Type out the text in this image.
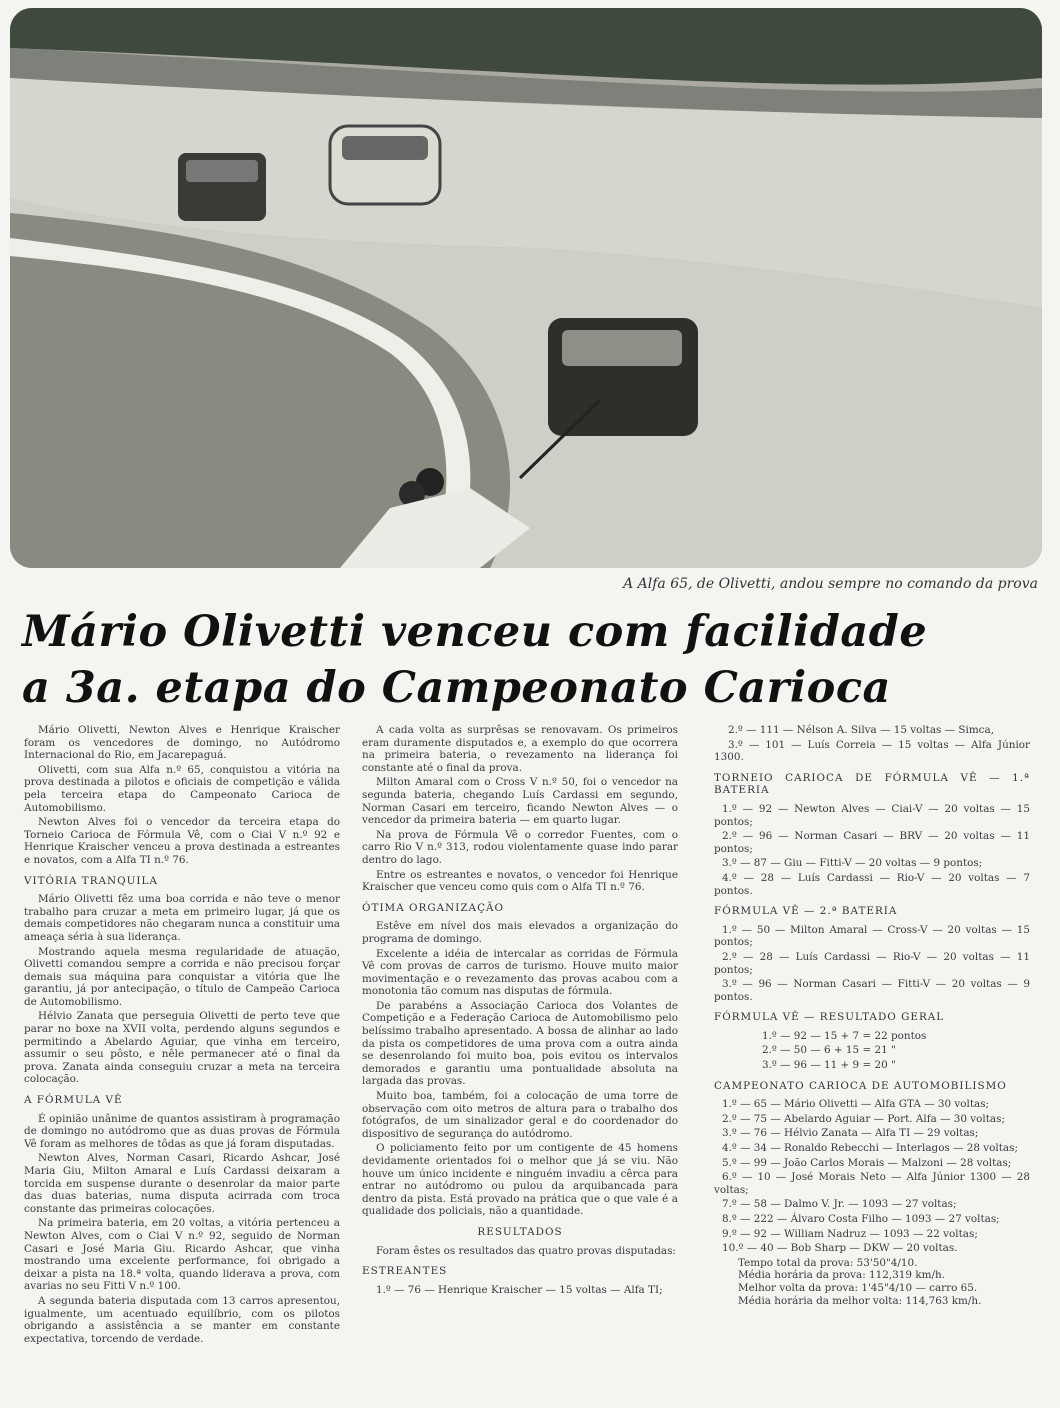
A Alfa 65, de Olivetti, andou sempre no comando da prova
Mário Olivetti venceu com facilidade
a 3a. etapa do Campeonato Carioca

Mário Olivetti, Newton Alves e Henrique Kraischer foram os vencedores de domingo, no Autódromo Internacional do Rio, em Jacarepaguá.

Olivetti, com sua Alfa n.º 65, conquistou a vitória na prova destinada a pilotos e oficiais de competição e válida pela terceira etapa do Campeonato Carioca de Automobilismo.

Newton Alves foi o vencedor da terceira etapa do Torneio Carioca de Fórmula Vê, com o Ciai V n.º 92 e Henrique Kraischer venceu a prova destinada a estreantes e novatos, com a Alfa TI n.º 76.

VITÓRIA TRANQUILA

Mário Olivetti fêz uma boa corrida e não teve o menor trabalho para cruzar a meta em primeiro lugar, já que os demais competidores não chegaram nunca a constituir uma ameaça séria à sua liderança.

Mostrando aquela mesma regularidade de atuação, Olivetti comandou sempre a corrida e não precisou forçar demais sua máquina para conquistar a vitória que lhe garantiu, já por antecipação, o título de Campeão Carioca de Automobilismo.

Hélvio Zanata que perseguia Olivetti de perto teve que parar no boxe na XVII volta, perdendo alguns segundos e permitindo a Abelardo Aguiar, que vinha em terceiro, assumir o seu pôsto, e nêle permanecer até o final da prova. Zanata ainda conseguiu cruzar a meta na terceira colocação.

A FÓRMULA VÊ

É opinião unânime de quantos assistiram à programação de domingo no autódromo que as duas provas de Fórmula Vê foram as melhores de tôdas as que já foram disputadas.

Newton Alves, Norman Casari, Ricardo Ashcar, José Maria Giu, Milton Amaral e Luís Cardassi deixaram a torcida em suspense durante o desenrolar da maior parte das duas baterias, numa disputa acirrada com troca constante das primeiras colocações.

Na primeira bateria, em 20 voltas, a vitória pertenceu a Newton Alves, com o Ciai V n.º 92, seguido de Norman Casari e José Maria Giu. Ricardo Ashcar, que vinha mostrando uma excelente performance, foi obrigado a deixar a pista na 18.ª volta, quando liderava a prova, com avarias no seu Fitti V n.º 100.

A segunda bateria disputada com 13 carros apresentou, igualmente, um acentuado equilíbrio, com os pilotos obrigando a assistência a se manter em constante expectativa, torcendo de verdade.

A cada volta as surprêsas se renovavam. Os primeiros eram duramente disputados e, a exemplo do que ocorrera na primeira bateria, o revezamento na liderança foi constante até o final da prova.

Milton Amaral com o Cross V n.º 50, foi o vencedor na segunda bateria, chegando Luís Cardassi em segundo, Norman Casari em terceiro, ficando Newton Alves — o vencedor da primeira bateria — em quarto lugar.

Na prova de Fórmula Vê o corredor Fuentes, com o carro Rio V n.º 313, rodou violentamente quase indo parar dentro do lago.

Entre os estreantes e novatos, o vencedor foi Henrique Kraischer que venceu como quis com o Alfa TI n.º 76.

ÓTIMA ORGANIZAÇÃO

Estêve em nível dos mais elevados a organização do programa de domingo.

Excelente a idéia de intercalar as corridas de Fórmula Vê com provas de carros de turismo. Houve muito maior movimentação e o revezamento das provas acabou com a monotonia tão comum nas disputas de fórmula.

De parabéns a Associação Carioca dos Volantes de Competição e a Federação Carioca de Automobilismo pelo belíssimo trabalho apresentado. A bossa de alinhar ao lado da pista os competidores de uma prova com a outra ainda se desenrolando foi muito boa, pois evitou os intervalos demorados e garantiu uma pontualidade absoluta na largada das provas.

Muito boa, também, foi a colocação de uma torre de observação com oito metros de altura para o trabalho dos fotógrafos, de um sinalizador geral e do coordenador do dispositivo de segurança do autódromo.

O policiamento feito por um contigente de 45 homens devidamente orientados foi o melhor que já se viu. Não houve um único incidente e ninguém invadiu a cêrca para entrar no autódromo ou pulou da arquibancada para dentro da pista. Está provado na prática que o que vale é a qualidade dos policiais, não a quantidade.

RESULTADOS

Foram êstes os resultados das quatro provas disputadas:

ESTREANTES

1.º — 76 — Henrique Kraischer — 15 voltas — Alfa TI;

2.º — 111 — Nélson A. Silva — 15 voltas — Simca,

3.º — 101 — Luís Correia — 15 voltas — Alfa Júnior 1300.

TORNEIO CARIOCA DE FÓRMULA VÊ — 1.ª BATERIA

1.º — 92 — Newton Alves — Ciai-V — 20 voltas — 15 pontos;

2.º — 96 — Norman Casari — BRV — 20 voltas — 11 pontos;

3.º — 87 — Giu — Fitti-V — 20 voltas — 9 pontos;

4.º — 28 — Luís Cardassi — Rio-V — 20 voltas — 7 pontos.

FÓRMULA VÊ — 2.ª BATERIA

1.º — 50 — Milton Amaral — Cross-V — 20 voltas — 15 pontos;

2.º — 28 — Luís Cardassi — Rio-V — 20 voltas — 11 pontos;

3.º — 96 — Norman Casari — Fitti-V — 20 voltas — 9 pontos.

FÓRMULA VÊ — RESULTADO GERAL

1.º — 92 — 15 + 7 = 22 pontos

2.º — 50 — 6 + 15 = 21 "

3.º — 96 — 11 + 9 = 20 "

CAMPEONATO CARIOCA DE AUTOMOBILISMO

1.º — 65 — Mário Olivetti — Alfa GTA — 30 voltas;

2.º — 75 — Abelardo Aguiar — Port. Alfa — 30 voltas;

3.º — 76 — Hélvio Zanata — Alfa TI — 29 voltas;

4.º — 34 — Ronaldo Rebecchi — Interlagos — 28 voltas;

5.º — 99 — João Carlos Morais — Malzoni — 28 voltas;

6.º — 10 — José Morais Neto — Alfa Júnior 1300 — 28 voltas;

7.º — 58 — Dalmo V. Jr. — 1093 — 27 voltas;

8.º — 222 — Álvaro Costa Filho — 1093 — 27 voltas;

9.º — 92 — William Nadruz — 1093 — 22 voltas;

10.º — 40 — Bob Sharp — DKW — 20 voltas.

Tempo total da prova: 53'50"4/10.

Média horária da prova: 112,319 km/h.

Melhor volta da prova: 1'45"4/10 — carro 65.

Média horária da melhor volta: 114,763 km/h.
